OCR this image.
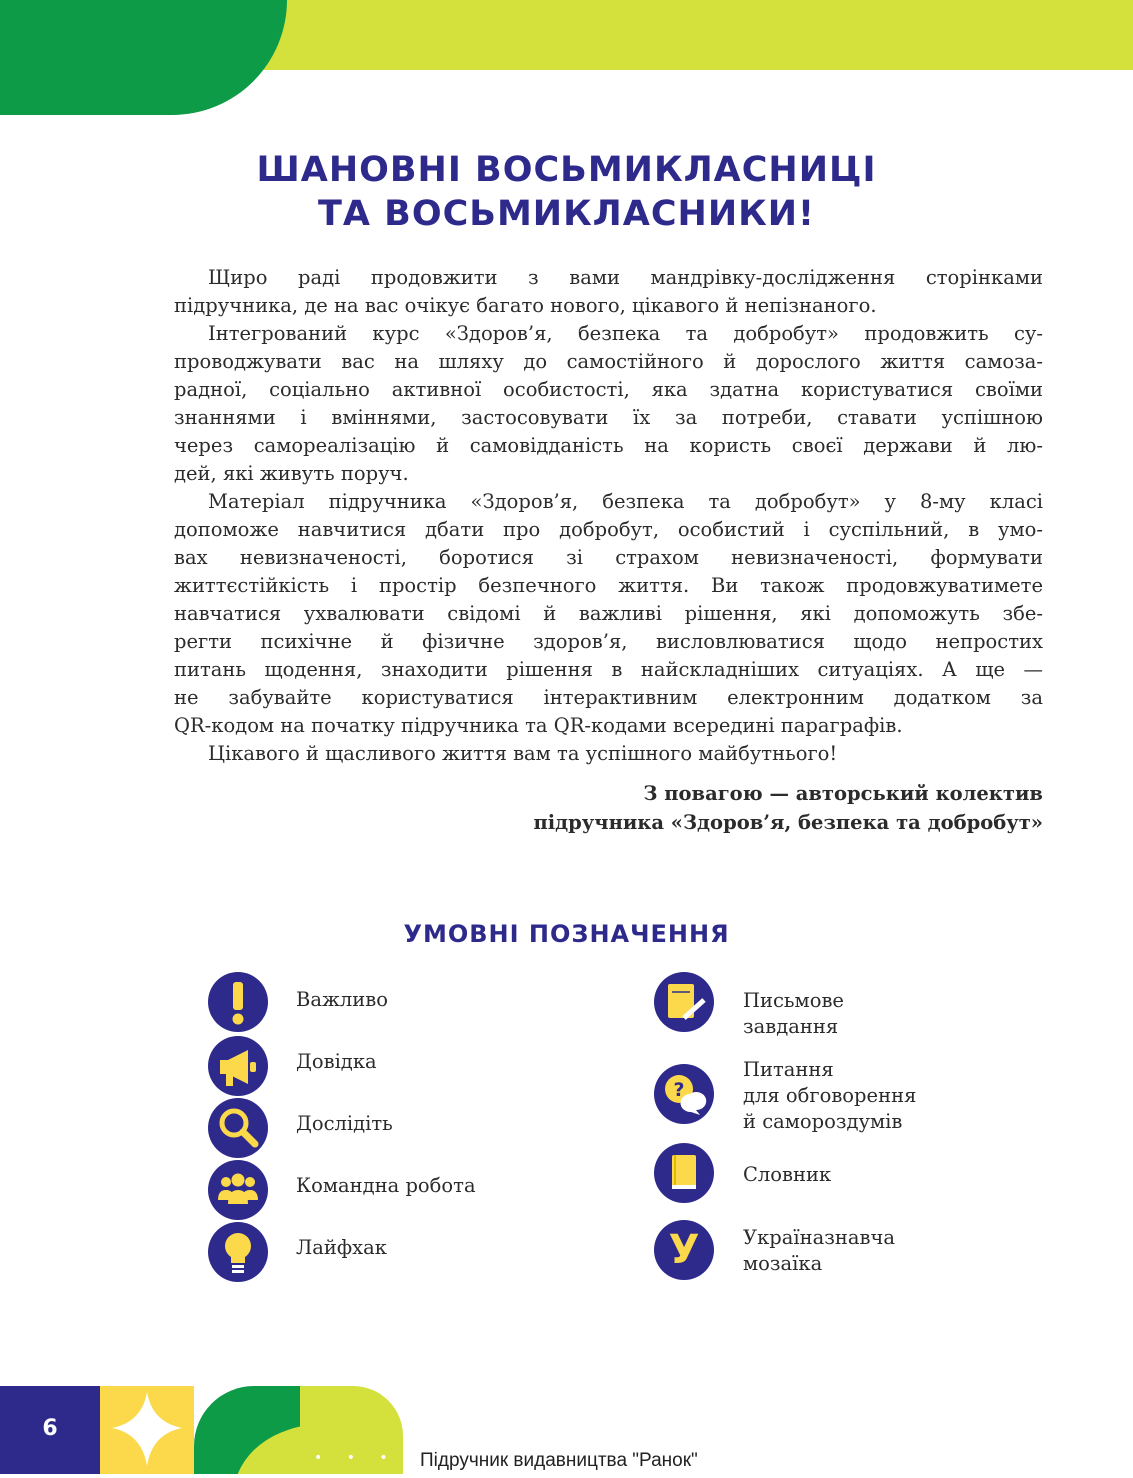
ШАНОВНІ ВОСЬМИКЛАСНИЦІ
ТА ВОСЬМИКЛАСНИКИ!
Щиро раді продовжити з вами мандрівку-дослідження сторінками
підручника, де на вас очікує багато нового, цікавого й непізнаного.
Інтегрований курс «Здоров’я, безпека та добробут» продовжить су-
проводжувати вас на шляху до самостійного й дорослого життя самоза-
радної, соціально активної особистості, яка здатна користуватися своїми
знаннями і вміннями, застосовувати їх за потреби, ставати успішною
через самореалізацію й самовідданість на користь своєї держави й лю-
дей, які живуть поруч.
Матеріал підручника «Здоров’я, безпека та добробут» у 8-му класі
допоможе навчитися дбати про добробут, особистий і суспільний, в умо-
вах невизначеності, боротися зі страхом невизначеності, формувати
життєстійкість і простір безпечного життя. Ви також продовжуватимете
навчатися ухвалювати свідомі й важливі рішення, які допоможуть збе-
регти психічне й фізичне здоров’я, висловлюватися щодо непростих
питань щодення, знаходити рішення в найскладніших ситуаціях. А ще —
не забувайте користуватися інтерактивним електронним додатком за
QR-кодом на початку підручника та QR-кодами всередині параграфів.
Цікавого й щасливого життя вам та успішного майбутнього!
З повагою — авторський колектив
підручника «Здоров’я, безпека та добробут»
УМОВНІ ПОЗНАЧЕННЯ
Важливо
Довідка
Дослідіть
Командна робота
Лайфхак
Письмове
завдання
?
Питання
для обговорення
й самороздумів
Словник
У Україназнавча
мозаїка
6
• • • •
Підручник видавництва "Ранок"
